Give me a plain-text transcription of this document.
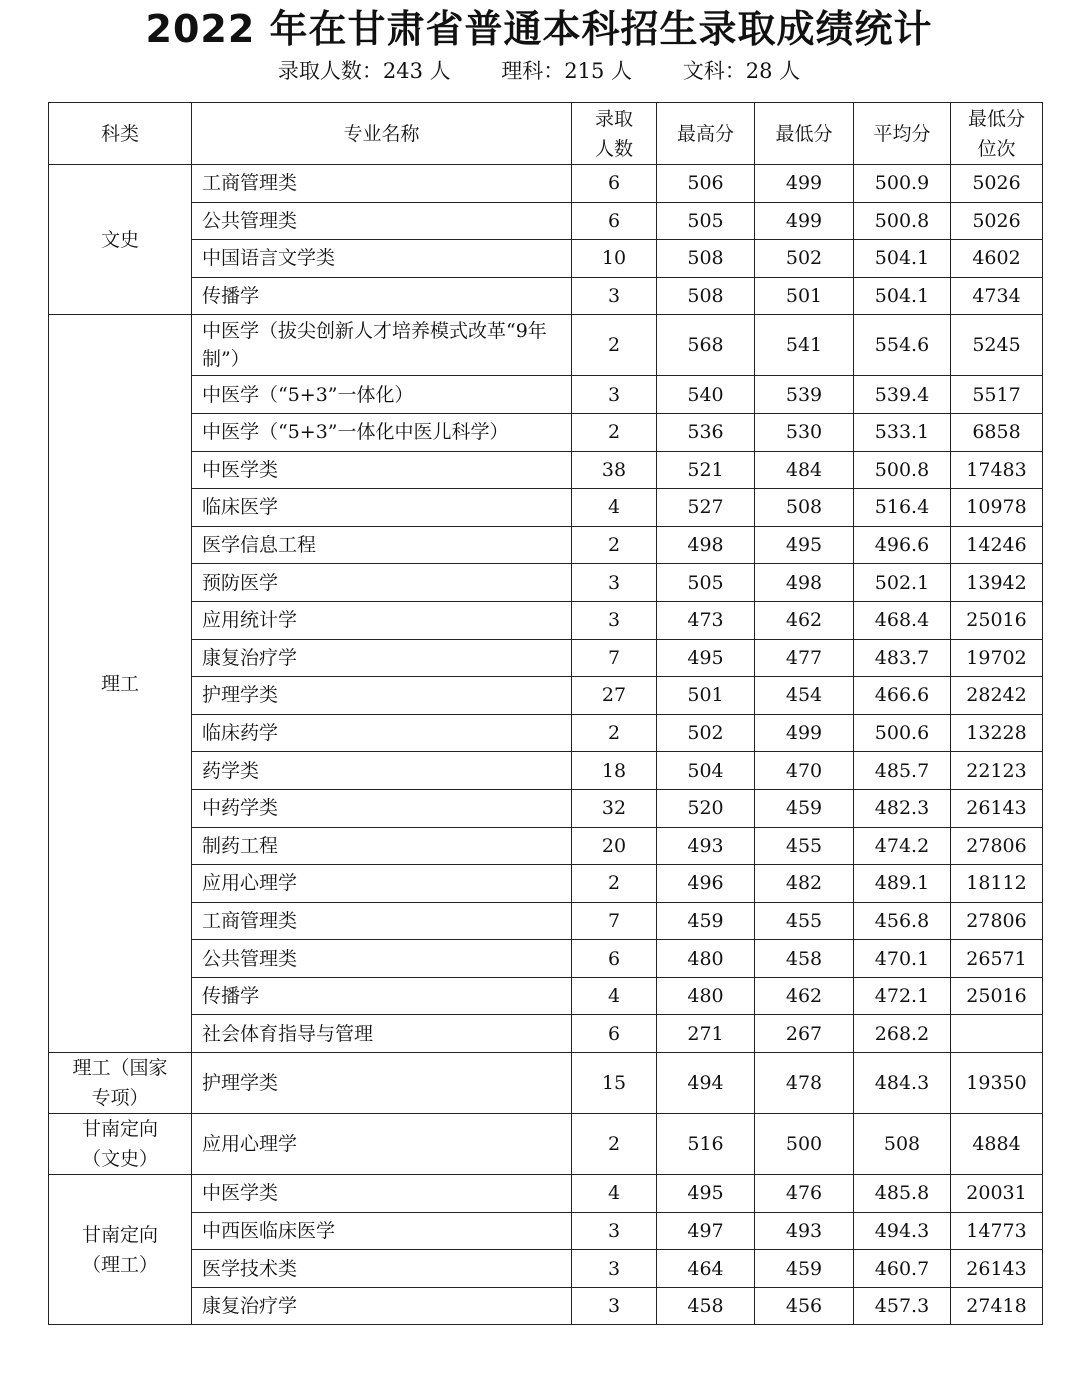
2022 年在甘肃省普通本科招生录取成绩统计
录取人数：243 人 理科：215 人 文科：28 人
科类	专业名称	录取人数	最高分	最低分	平均分	最低分位次

文史	工商管理类	6	506	499	500.9	5026
	公共管理类	6	505	499	500.8	5026
	中国语言文学类	10	508	502	504.1	4602
	传播学	3	508	501	504.1	4734

理工	中医学（拔尖创新人才培养模式改革“9年制”）	2	568	541	554.6	5245
	中医学（“5+3”一体化）	3	540	539	539.4	5517
	中医学（“5+3”一体化中医儿科学）	2	536	530	533.1	6858
	中医学类	38	521	484	500.8	17483
	临床医学	4	527	508	516.4	10978
	医学信息工程	2	498	495	496.6	14246
	预防医学	3	505	498	502.1	13942
	应用统计学	3	473	462	468.4	25016
	康复治疗学	7	495	477	483.7	19702
	护理学类	27	501	454	466.6	28242
	临床药学	2	502	499	500.6	13228
	药学类	18	504	470	485.7	22123
	中药学类	32	520	459	482.3	26143
	制药工程	20	493	455	474.2	27806
	应用心理学	2	496	482	489.1	18112
	工商管理类	7	459	455	456.8	27806
	公共管理类	6	480	458	470.1	26571
	传播学	4	480	462	472.1	25016
	社会体育指导与管理	6	271	267	268.2	

理工（国家专项）	护理学类	15	494	478	484.3	19350

甘南定向（文史）	应用心理学	2	516	500	508	4884

甘南定向（理工）	中医学类	4	495	476	485.8	20031
	中西医临床医学	3	497	493	494.3	14773
	医学技术类	3	464	459	460.7	26143
	康复治疗学	3	458	456	457.3	27418
